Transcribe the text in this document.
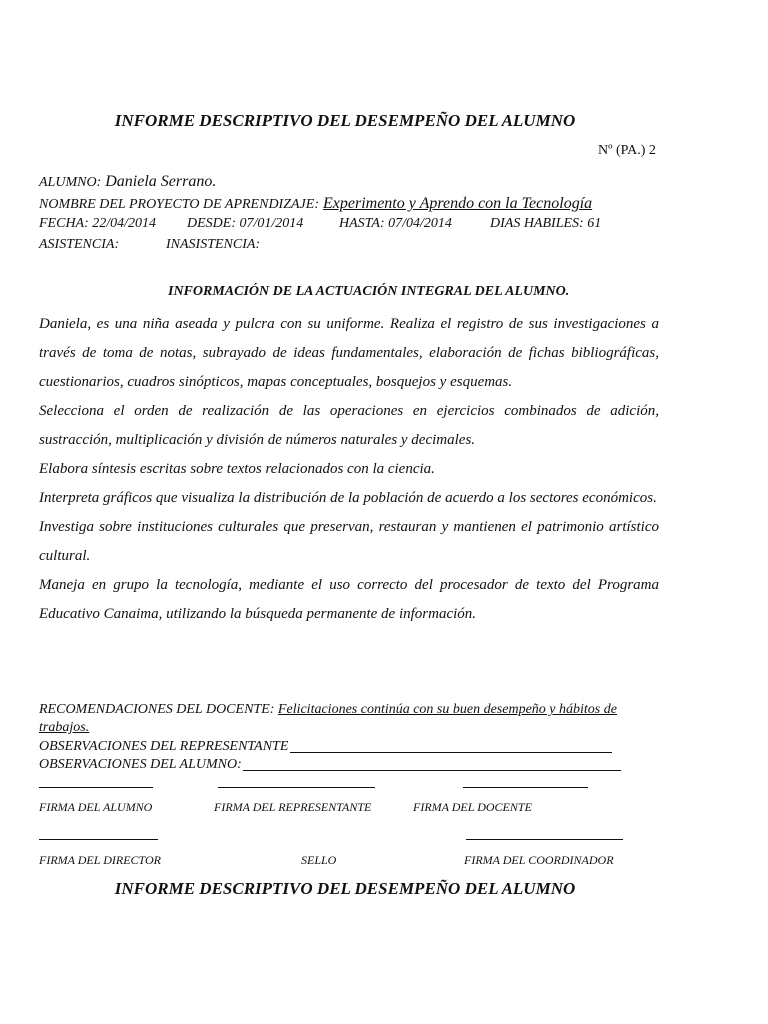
INFORME DESCRIPTIVO DEL DESEMPEÑO DEL ALUMNO
Nº (PA.) 2
ALUMNO: Daniela Serrano.
NOMBRE DEL PROYECTO DE APRENDIZAJE: Experimento y Aprendo con la Tecnología
FECHA: 22/04/2014 DESDE: 07/01/2014	HASTA: 07/04/2014	DIAS HABILES: 61
ASISTENCIA:	INASISTENCIA:
INFORMACIÓN DE LA ACTUACIÓN INTEGRAL DEL ALUMNO.

Daniela, es una niña aseada y pulcra con su uniforme. Realiza el registro de sus investigaciones a través de toma de notas, subrayado de ideas fundamentales, elaboración de fichas bibliográficas, cuestionarios, cuadros sinópticos, mapas conceptuales, bosquejos y esquemas.

Selecciona el orden de realización de las operaciones en ejercicios combinados de adición, sustracción, multiplicación y división de números naturales y decimales.

Elabora síntesis escritas sobre textos relacionados con la ciencia.

Interpreta gráficos que visualiza la distribución de la población de acuerdo a los sectores económicos.

Investiga sobre instituciones culturales que preservan, restauran y mantienen el patrimonio artístico cultural.

Maneja en grupo la tecnología, mediante el uso correcto del procesador de texto del Programa Educativo Canaima, utilizando la búsqueda permanente de información.

RECOMENDACIONES DEL DOCENTE: Felicitaciones continúa con su buen desempeño y hábitos de
trabajos.
OBSERVACIONES DEL REPRESENTANTE
OBSERVACIONES DEL ALUMNO:
FIRMA DEL ALUMNO	FIRMA DEL REPRESENTANTE	FIRMA DEL DOCENTE
FIRMA DEL DIRECTOR	SELLO	FIRMA DEL COORDINADOR
INFORME DESCRIPTIVO DEL DESEMPEÑO DEL ALUMNO
